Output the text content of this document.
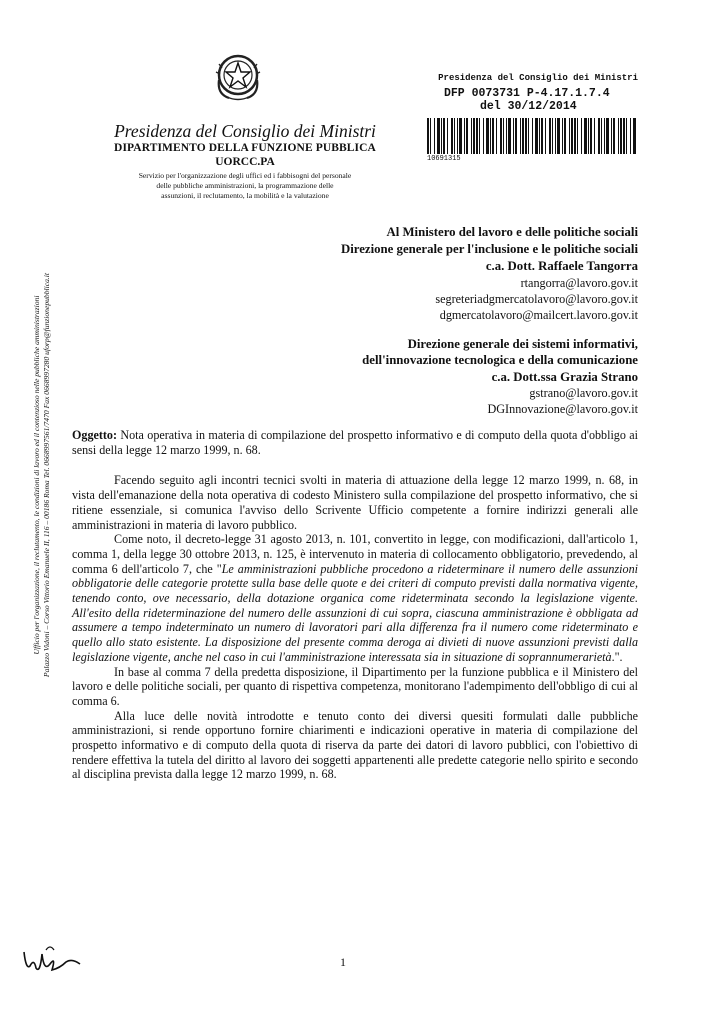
Presidenza del Consiglio dei Ministri
DIPARTIMENTO DELLA FUNZIONE PUBBLICA
UORCC.PA
Servizio per l'organizzazione degli uffici ed i fabbisogni del personale
delle pubbliche amministrazioni, la programmazione delle
assunzioni, il reclutamento, la mobilità e la valutazione
Presidenza del Consiglio dei Ministri
DFP 0073731 P-4.17.1.7.4
del 30/12/2014
10691315
Al Ministero del lavoro e delle politiche sociali
Direzione generale per l'inclusione e le politiche sociali
c.a. Dott. Raffaele Tangorra
rtangorra@lavoro.gov.it
segreteriadgmercatolavoro@lavoro.gov.it
dgmercatolavoro@mailcert.lavoro.gov.it
Direzione generale dei sistemi informativi,
dell'innovazione tecnologica e della comunicazione
c.a. Dott.ssa Grazia Strano
gstrano@lavoro.gov.it
DGInnovazione@lavoro.gov.it
Ufficio per l'organizzazione, il reclutamento, le condizioni di lavoro ed il contenzioso nelle pubbliche amministrazioni Palazzo Vidoni – Corso Vittorio Emanuele II, 116 – 00186 Roma Tel. 0668997561/7470 Fax 0668997280 uforp@funzionepubblica.it Oggetto: Nota operativa in materia di compilazione del prospetto informativo e di computo della quota d'obbligo ai sensi della legge 12 marzo 1999, n. 68.

Facendo seguito agli incontri tecnici svolti in materia di attuazione della legge 12 marzo 1999, n. 68, in vista dell'emanazione della nota operativa di codesto Ministero sulla compilazione del prospetto informativo, che si ritiene essenziale, si comunica l'avviso dello Scrivente Ufficio competente a fornire indirizzi generali alle amministrazioni in materia di lavoro pubblico.

Come noto, il decreto-legge 31 agosto 2013, n. 101, convertito in legge, con modificazioni, dall'articolo 1, comma 1, della legge 30 ottobre 2013, n. 125, è intervenuto in materia di collocamento obbligatorio, prevedendo, al comma 6 dell'articolo 7, che "Le amministrazioni pubbliche procedono a rideterminare il numero delle assunzioni obbligatorie delle categorie protette sulla base delle quote e dei criteri di computo previsti dalla normativa vigente, tenendo conto, ove necessario, della dotazione organica come rideterminata secondo la legislazione vigente. All'esito della rideterminazione del numero delle assunzioni di cui sopra, ciascuna amministrazione è obbligata ad assumere a tempo indeterminato un numero di lavoratori pari alla differenza fra il numero come rideterminato e quello allo stato esistente. La disposizione del presente comma deroga ai divieti di nuove assunzioni previsti dalla legislazione vigente, anche nel caso in cui l'amministrazione interessata sia in situazione di soprannumerarietà.".

In base al comma 7 della predetta disposizione, il Dipartimento per la funzione pubblica e il Ministero del lavoro e delle politiche sociali, per quanto di rispettiva competenza, monitorano l'adempimento dell'obbligo di cui al comma 6.

Alla luce delle novità introdotte e tenuto conto dei diversi quesiti formulati dalle pubbliche amministrazioni, si rende opportuno fornire chiarimenti e indicazioni operative in materia di compilazione del prospetto informativo e di computo della quota di riserva da parte dei datori di lavoro pubblici, con l'obiettivo di rendere effettiva la tutela del diritto al lavoro dei soggetti appartenenti alle predette categorie nello spirito e secondo al disciplina prevista dalla legge 12 marzo 1999, n. 68.

1
